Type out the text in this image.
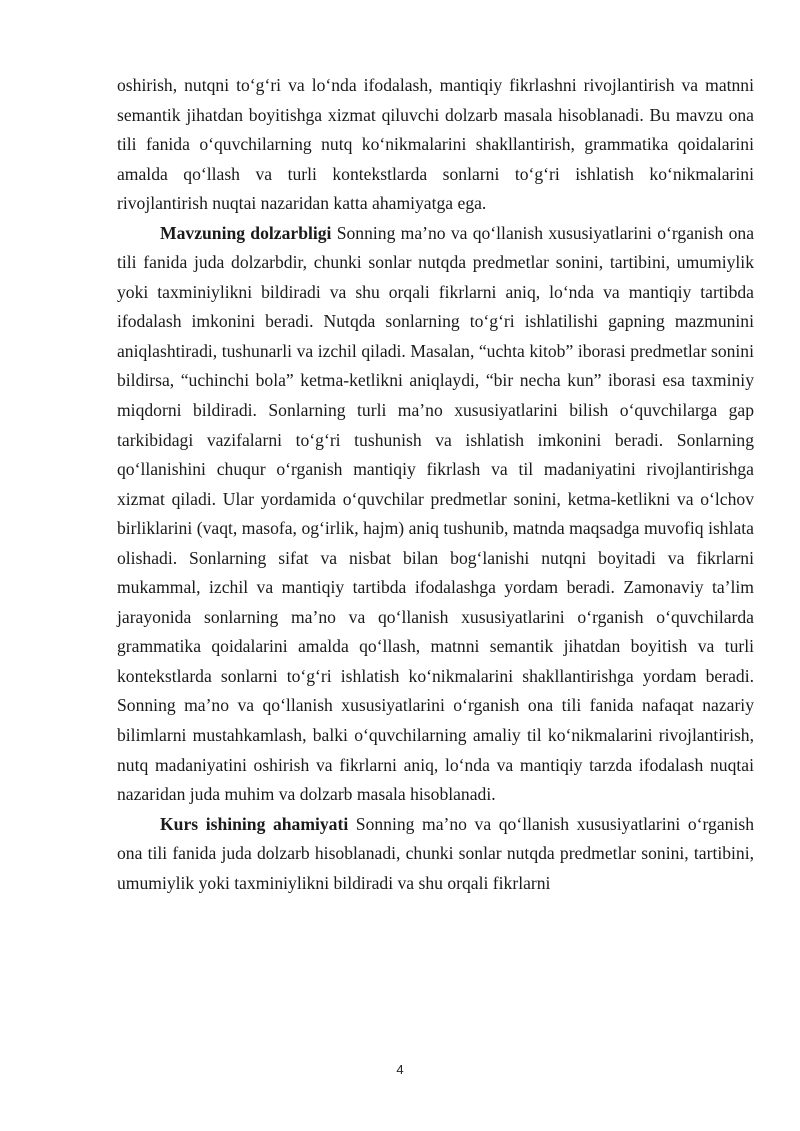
oshirish, nutqni to‘g‘ri va lo‘nda ifodalash, mantiqiy fikrlashni rivojlantirish va matnni semantik jihatdan boyitishga xizmat qiluvchi dolzarb masala hisoblanadi. Bu mavzu ona tili fanida o‘quvchilarning nutq ko‘nikmalarini shakllantirish, grammatika qoidalarini amalda qo‘llash va turli kontekstlarda sonlarni to‘g‘ri ishlatish ko‘nikmalarini rivojlantirish nuqtai nazaridan katta ahamiyatga ega.

Mavzuning dolzarbligi Sonning ma’no va qo‘llanish xususiyatlarini o‘rganish ona tili fanida juda dolzarbdir, chunki sonlar nutqda predmetlar sonini, tartibini, umumiylik yoki taxminiylikni bildiradi va shu orqali fikrlarni aniq, lo‘nda va mantiqiy tartibda ifodalash imkonini beradi. Nutqda sonlarning to‘g‘ri ishlatilishi gapning mazmunini aniqlashtiradi, tushunarli va izchil qiladi. Masalan, “uchta kitob” iborasi predmetlar sonini bildirsa, “uchinchi bola” ketma-ketlikni aniqlaydi, “bir necha kun” iborasi esa taxminiy miqdorni bildiradi. Sonlarning turli ma’no xususiyatlarini bilish o‘quvchilarga gap tarkibidagi vazifalarni to‘g‘ri tushunish va ishlatish imkonini beradi. Sonlarning qo‘llanishini chuqur o‘rganish mantiqiy fikrlash va til madaniyatini rivojlantirishga xizmat qiladi. Ular yordamida o‘quvchilar predmetlar sonini, ketma-ketlikni va o‘lchov birliklarini (vaqt, masofa, og‘irlik, hajm) aniq tushunib, matnda maqsadga muvofiq ishlata olishadi. Sonlarning sifat va nisbat bilan bog‘lanishi nutqni boyitadi va fikrlarni mukammal, izchil va mantiqiy tartibda ifodalashga yordam beradi. Zamonaviy ta’lim jarayonida sonlarning ma’no va qo‘llanish xususiyatlarini o‘rganish o‘quvchilarda grammatika qoidalarini amalda qo‘llash, matnni semantik jihatdan boyitish va turli kontekstlarda sonlarni to‘g‘ri ishlatish ko‘nikmalarini shakllantirishga yordam beradi. Sonning ma’no va qo‘llanish xususiyatlarini o‘rganish ona tili fanida nafaqat nazariy bilimlarni mustahkamlash, balki o‘quvchilarning amaliy til ko‘nikmalarini rivojlantirish, nutq madaniyatini oshirish va fikrlarni aniq, lo‘nda va mantiqiy tarzda ifodalash nuqtai nazaridan juda muhim va dolzarb masala hisoblanadi.

Kurs ishining ahamiyati Sonning ma’no va qo‘llanish xususiyatlarini o‘rganish ona tili fanida juda dolzarb hisoblanadi, chunki sonlar nutqda predmetlar sonini, tartibini, umumiylik yoki taxminiylikni bildiradi va shu orqali fikrlarni

4
